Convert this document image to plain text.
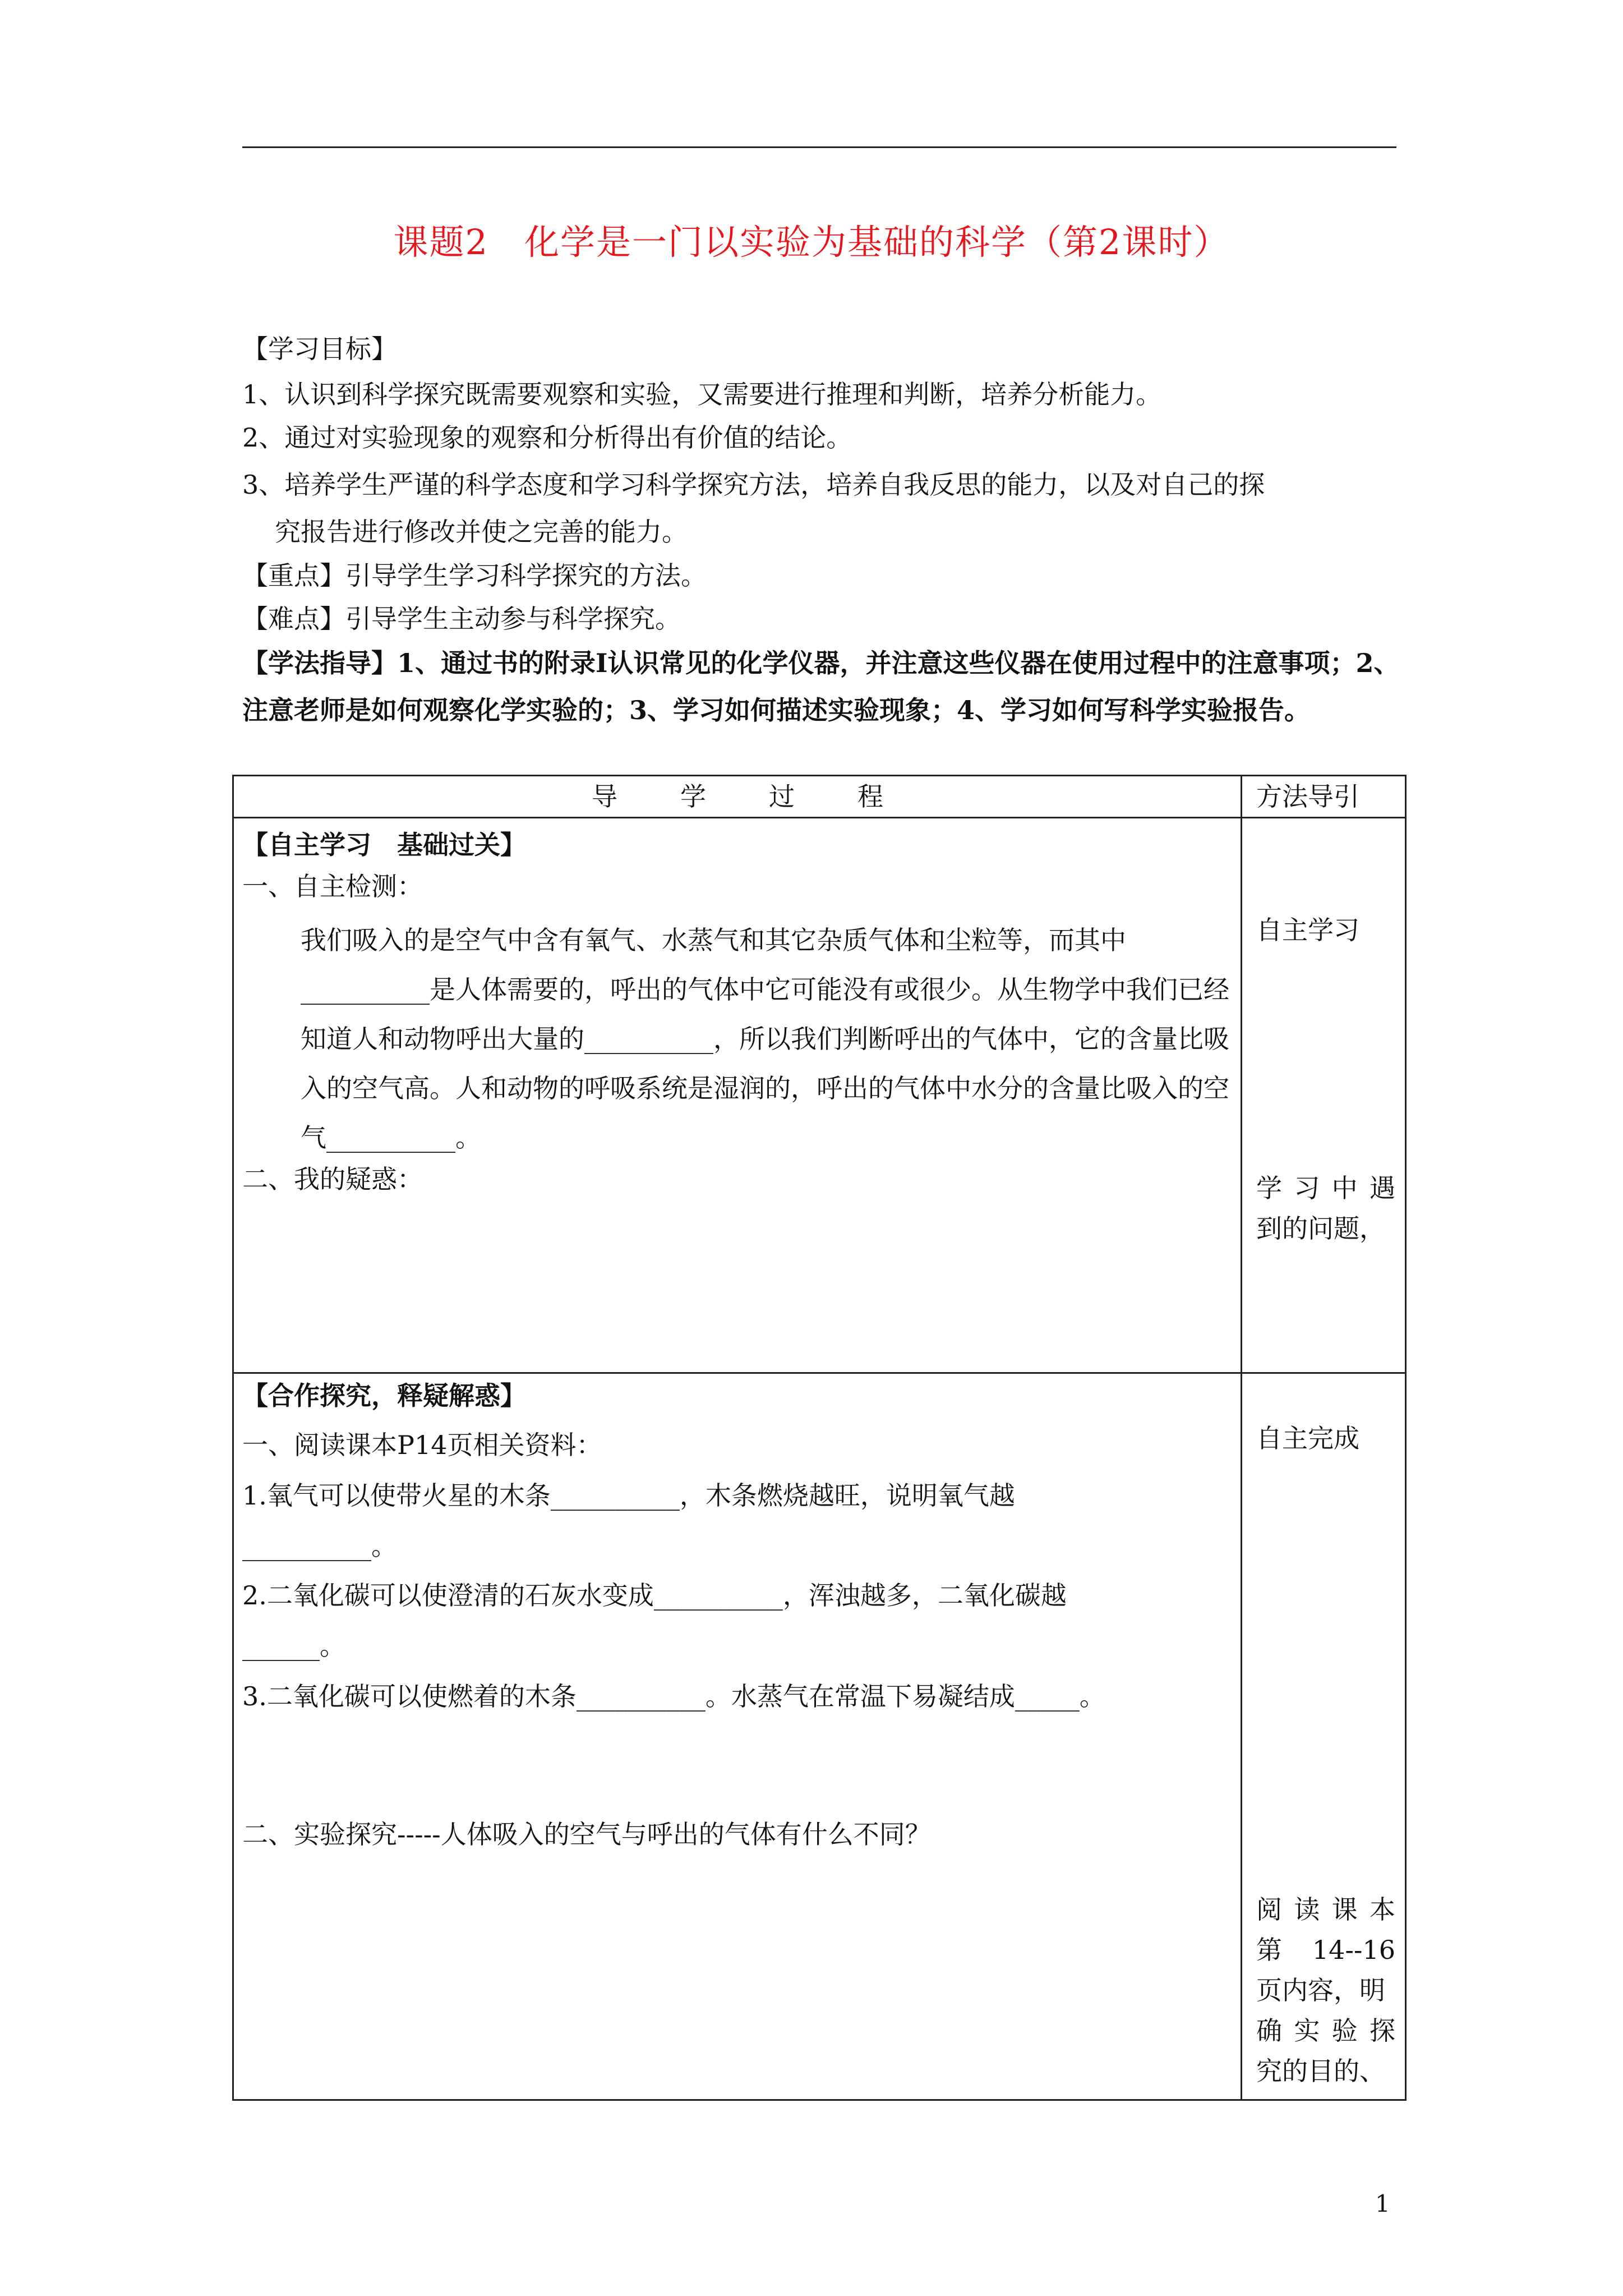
课题2　化学是一门以实验为基础的科学（第2课时）
【学习目标】
1、认识到科学探究既需要观察和实验，又需要进行推理和判断，培养分析能力。
2、通过对实验现象的观察和分析得出有价值的结论。
3、培养学生严谨的科学态度和学习科学探究方法，培养自我反思的能力，以及对自己的探
究报告进行修改并使之完善的能力。
【重点】引导学生学习科学探究的方法。
【难点】引导学生主动参与科学探究。
【学法指导】1、通过书的附录Ⅰ认识常见的化学仪器，并注意这些仪器在使用过程中的注意事项；2、注意老师是如何观察化学实验的；3、学习如何描述实验现象；4、学习如何写科学实验报告。
导 学 过 程	方法导引
【自主学习　基础过关】
一、自主检测：
我们吸入的是空气中含有氧气、水蒸气和其它杂质气体和尘粒等，而其中__________是人体需要的，呼出的气体中它可能没有或很少。从生物学中我们已经知道人和动物呼出大量的__________，所以我们判断呼出的气体中，它的含量比吸入的空气高。人和动物的呼吸系统是湿润的，呼出的气体中水分的含量比吸入的空气__________。
二、我的疑惑：
自主学习
学 习 中 遇
到的问题，
【合作探究，释疑解惑】
一、阅读课本P14页相关资料：
1.氧气可以使带火星的木条__________，木条燃烧越旺，说明氧气越
__________。
2.二氧化碳可以使澄清的石灰水变成__________，浑浊越多，二氧化碳越
______。
3.二氧化碳可以使燃着的木条__________。水蒸气在常温下易凝结成_____。
二、实验探究-----人体吸入的空气与呼出的气体有什么不同？
自主完成
阅 读 课 本
第 14--16
页内容，明
确 实 验 探
究的目的、
1
